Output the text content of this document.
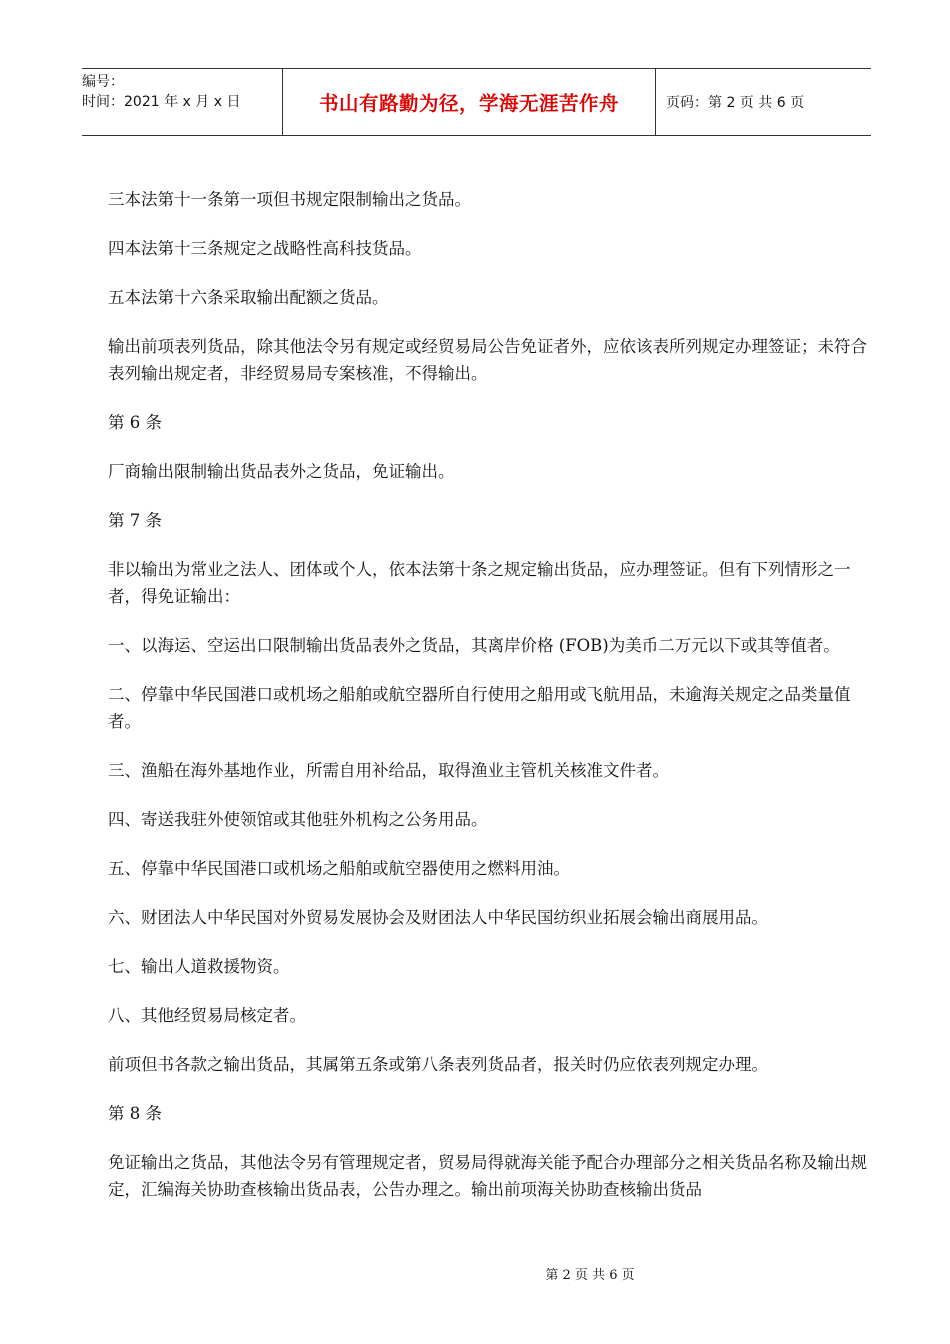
编号：
时间：2021 年 x 月 x 日	书山有路勤为径，学海无涯苦作舟	页码：第 2 页 共 6 页

三本法第十一条第一项但书规定限制输出之货品。

四本法第十三条规定之战略性高科技货品。

五本法第十六条采取输出配额之货品。

输出前项表列货品，除其他法令另有规定或经贸易局公告免证者外，应依该表所列规定办理签证；未符合表列输出规定者，非经贸易局专案核准，不得输出。

第 6 条

厂商输出限制输出货品表外之货品，免证输出。

第 7 条

非以输出为常业之法人、团体或个人，依本法第十条之规定输出货品，应办理签证。但有下列情形之一者，得免证输出：

一、以海运、空运出口限制输出货品表外之货品，其离岸价格 (FOB)为美币二万元以下或其等值者。

二、停靠中华民国港口或机场之船舶或航空器所自行使用之船用或飞航用品，未逾海关规定之品类量值者。

三、渔船在海外基地作业，所需自用补给品，取得渔业主管机关核准文件者。

四、寄送我驻外使领馆或其他驻外机构之公务用品。

五、停靠中华民国港口或机场之船舶或航空器使用之燃料用油。

六、财团法人中华民国对外贸易发展协会及财团法人中华民国纺织业拓展会输出商展用品。

七、输出人道救援物资。

八、其他经贸易局核定者。

前项但书各款之输出货品，其属第五条或第八条表列货品者，报关时仍应依表列规定办理。

第 8 条

免证输出之货品，其他法令另有管理规定者，贸易局得就海关能予配合办理部分之相关货品名称及输出规定，汇编海关协助查核输出货品表，公告办理之。输出前项海关协助查核输出货品

第 2 页 共 6 页
